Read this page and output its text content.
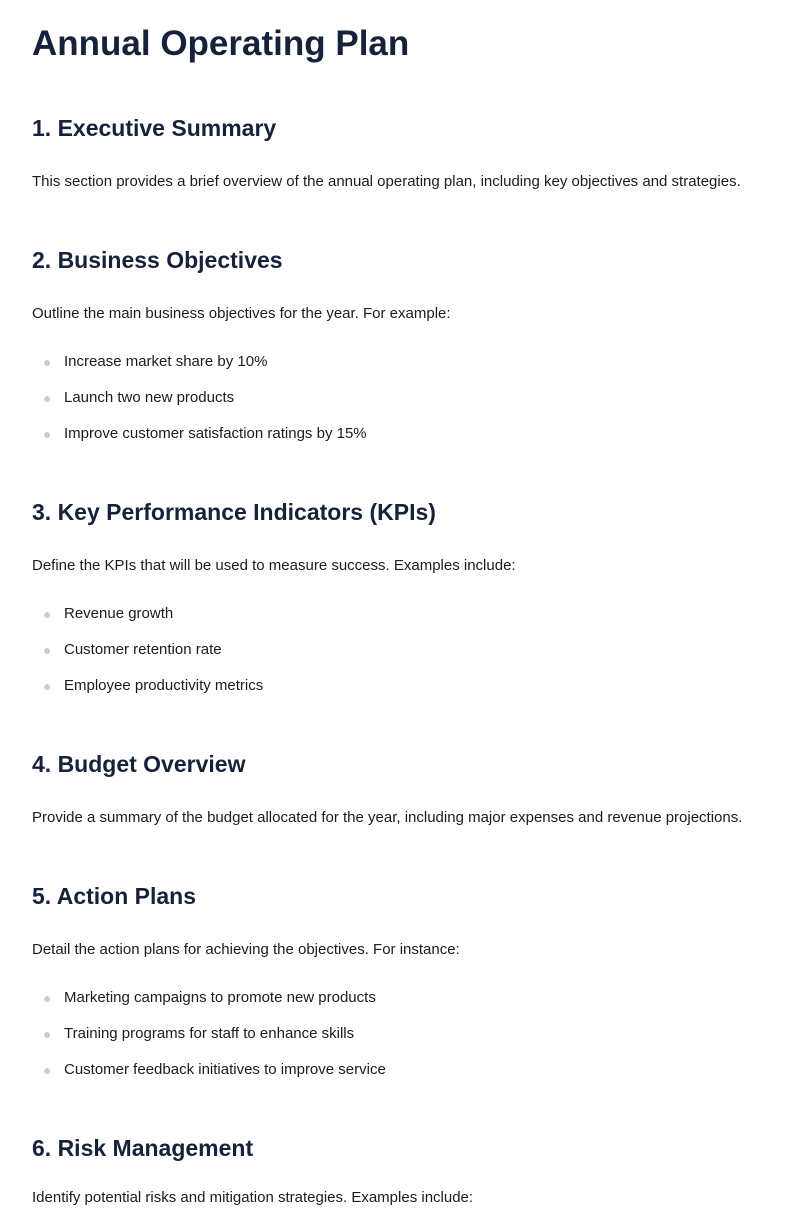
Annual Operating Plan
1. Executive Summary

This section provides a brief overview of the annual operating plan, including key objectives and strategies.

2. Business Objectives

Outline the main business objectives for the year. For example:

Increase market share by 10%
Launch two new products
Improve customer satisfaction ratings by 15%
3. Key Performance Indicators (KPIs)

Define the KPIs that will be used to measure success. Examples include:

Revenue growth
Customer retention rate
Employee productivity metrics
4. Budget Overview

Provide a summary of the budget allocated for the year, including major expenses and revenue projections.

5. Action Plans

Detail the action plans for achieving the objectives. For instance:

Marketing campaigns to promote new products
Training programs for staff to enhance skills
Customer feedback initiatives to improve service
6. Risk Management

Identify potential risks and mitigation strategies. Examples include:
